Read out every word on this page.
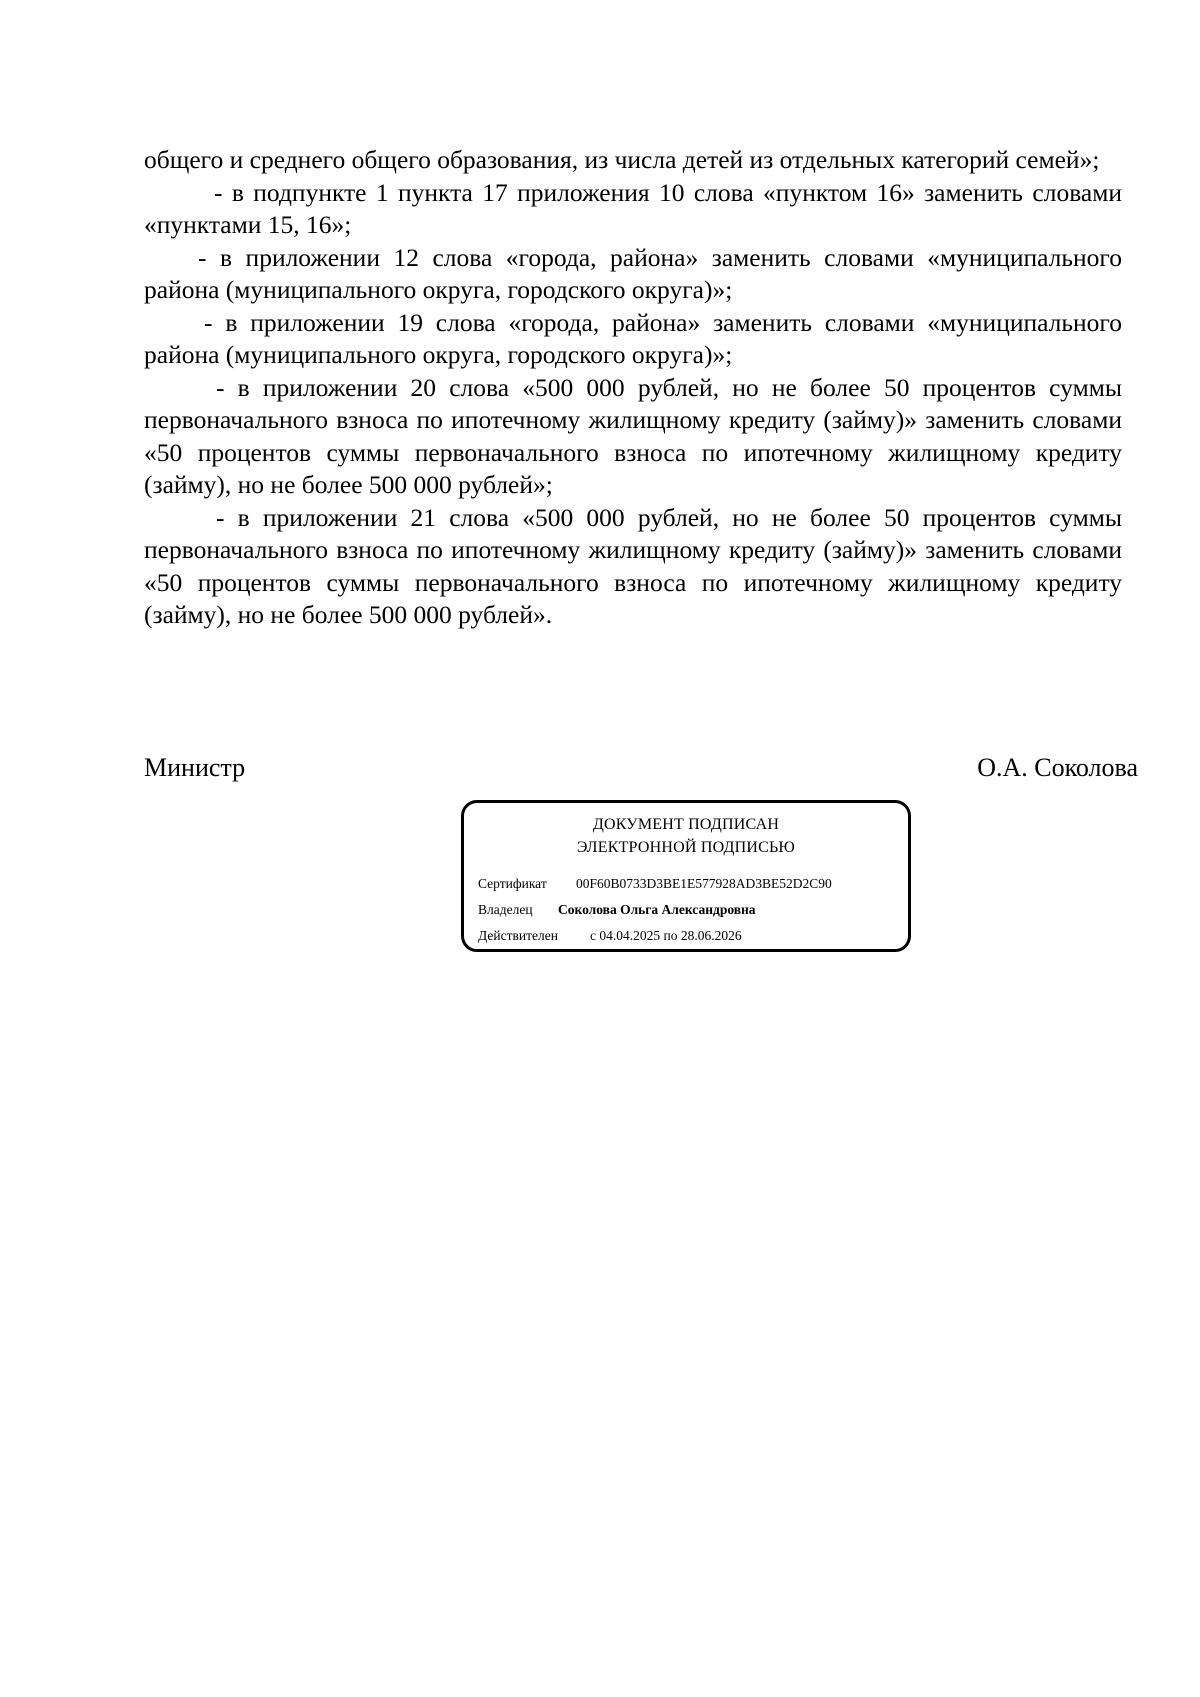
общего и среднего общего образования, из числа детей из отдельных категорий семей»;

- в подпункте 1 пункта 17 приложения 10 слова «пунктом 16» заменить словами «пунктами 15, 16»;

- в приложении 12 слова «города, района» заменить словами «муниципального района (муниципального округа, городского округа)»;

- в приложении 19 слова «города, района» заменить словами «муниципального района (муниципального округа, городского округа)»;

- в приложении 20 слова «500 000 рублей, но не более 50 процентов суммы первоначального взноса по ипотечному жилищному кредиту (займу)» заменить словами «50 процентов суммы первоначального взноса по ипотечному жилищному кредиту (займу), но не более 500 000 рублей»;

- в приложении 21 слова «500 000 рублей, но не более 50 процентов суммы первоначального взноса по ипотечному жилищному кредиту (займу)» заменить словами «50 процентов суммы первоначального взноса по ипотечному жилищному кредиту (займу), но не более 500 000 рублей».

Министр	О.А. Соколова
ДОКУМЕНТ ПОДПИСАН
ЭЛЕКТРОННОЙ ПОДПИСЬЮ
Сертификат 00F60B0733D3BE1E577928AD3BE52D2C90
Владелец Соколова Ольга Александровна
Действителен с 04.04.2025 по 28.06.2026
